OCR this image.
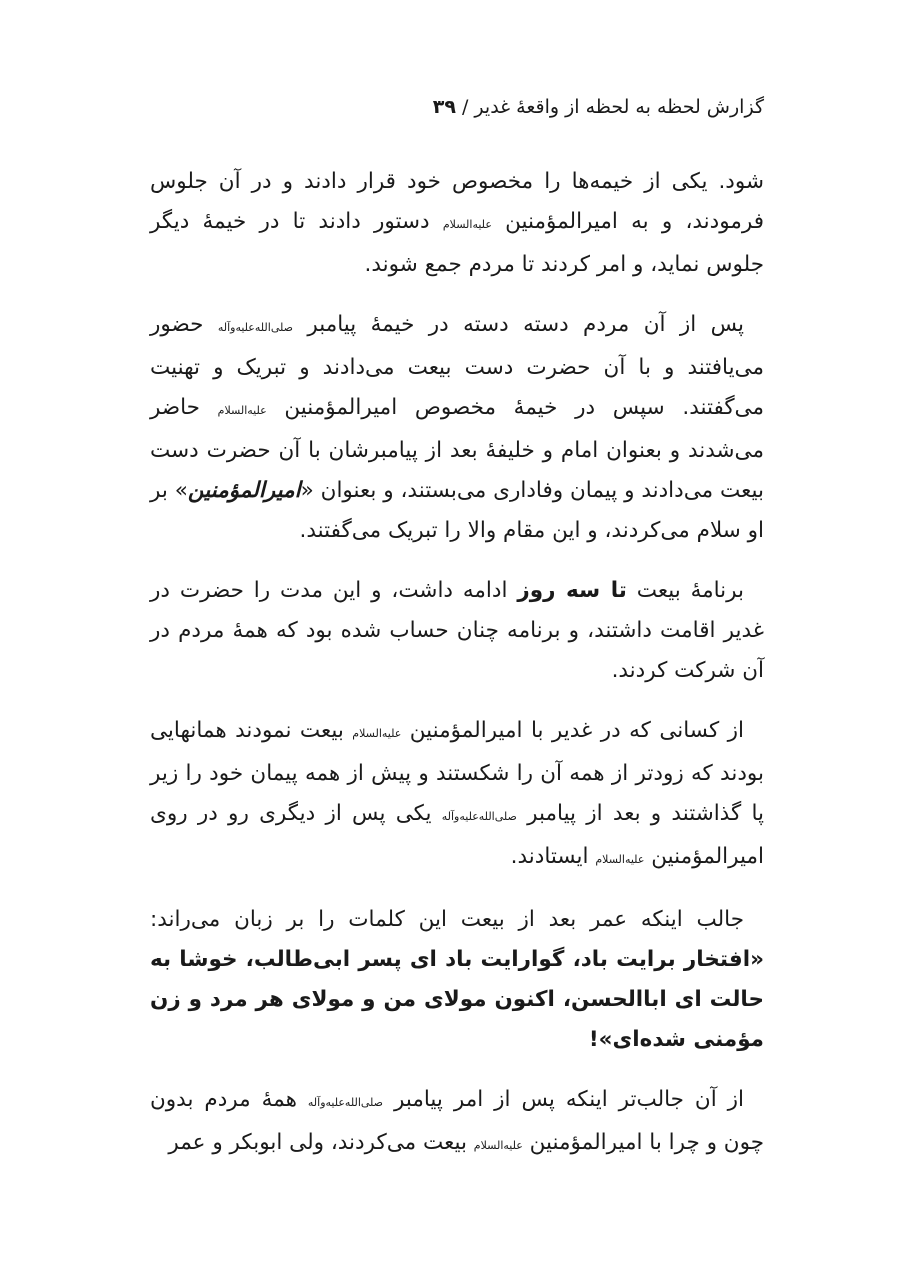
گزارش لحظه به لحظه از واقعهٔ غدیر / ۳۹

شود. یکی از خیمه‌ها را مخصوص خود قرار دادند و در آن جلوس فرمودند، و به امیرالمؤمنین علیه‌السلام دستور دادند تا در خیمهٔ دیگر جلوس نماید، و امر کردند تا مردم جمع شوند.

پس از آن مردم دسته دسته در خیمهٔ پیامبر صلی‌الله‌علیه‌وآله حضور می‌یافتند و با آن حضرت دست بیعت می‌دادند و تبریک و تهنیت می‌گفتند. سپس در خیمهٔ مخصوص امیرالمؤمنین علیه‌السلام حاضر می‌شدند و بعنوان امام و خلیفهٔ بعد از پیامبرشان با آن حضرت دست بیعت می‌دادند و پیمان وفاداری می‌بستند، و بعنوان «امیرالمؤمنین» بر او سلام می‌کردند، و این مقام والا را تبریک می‌گفتند.

برنامهٔ بیعت تا سه روز ادامه داشت، و این مدت را حضرت در غدیر اقامت داشتند، و برنامه چنان حساب شده بود که همهٔ مردم در آن شرکت کردند.

از کسانی که در غدیر با امیرالمؤمنین علیه‌السلام بیعت نمودند همانهایی بودند که زودتر از همه آن را شکستند و پیش از همه پیمان خود را زیر پا گذاشتند و بعد از پیامبر صلی‌الله‌علیه‌وآله یکی پس از دیگری رو در روی امیرالمؤمنین علیه‌السلام ایستادند.

جالب اینکه عمر بعد از بیعت این کلمات را بر زبان می‌راند: «افتخار برایت باد، گوارایت باد ای پسر ابی‌طالب، خوشا به حالت ای اباالحسن، اکنون مولای من و مولای هر مرد و زن مؤمنی شده‌ای»!

از آن جالب‌تر اینکه پس از امر پیامبر صلی‌الله‌علیه‌وآله همهٔ مردم بدون چون و چرا با امیرالمؤمنین علیه‌السلام بیعت می‌کردند، ولی ابوبکر و عمر
